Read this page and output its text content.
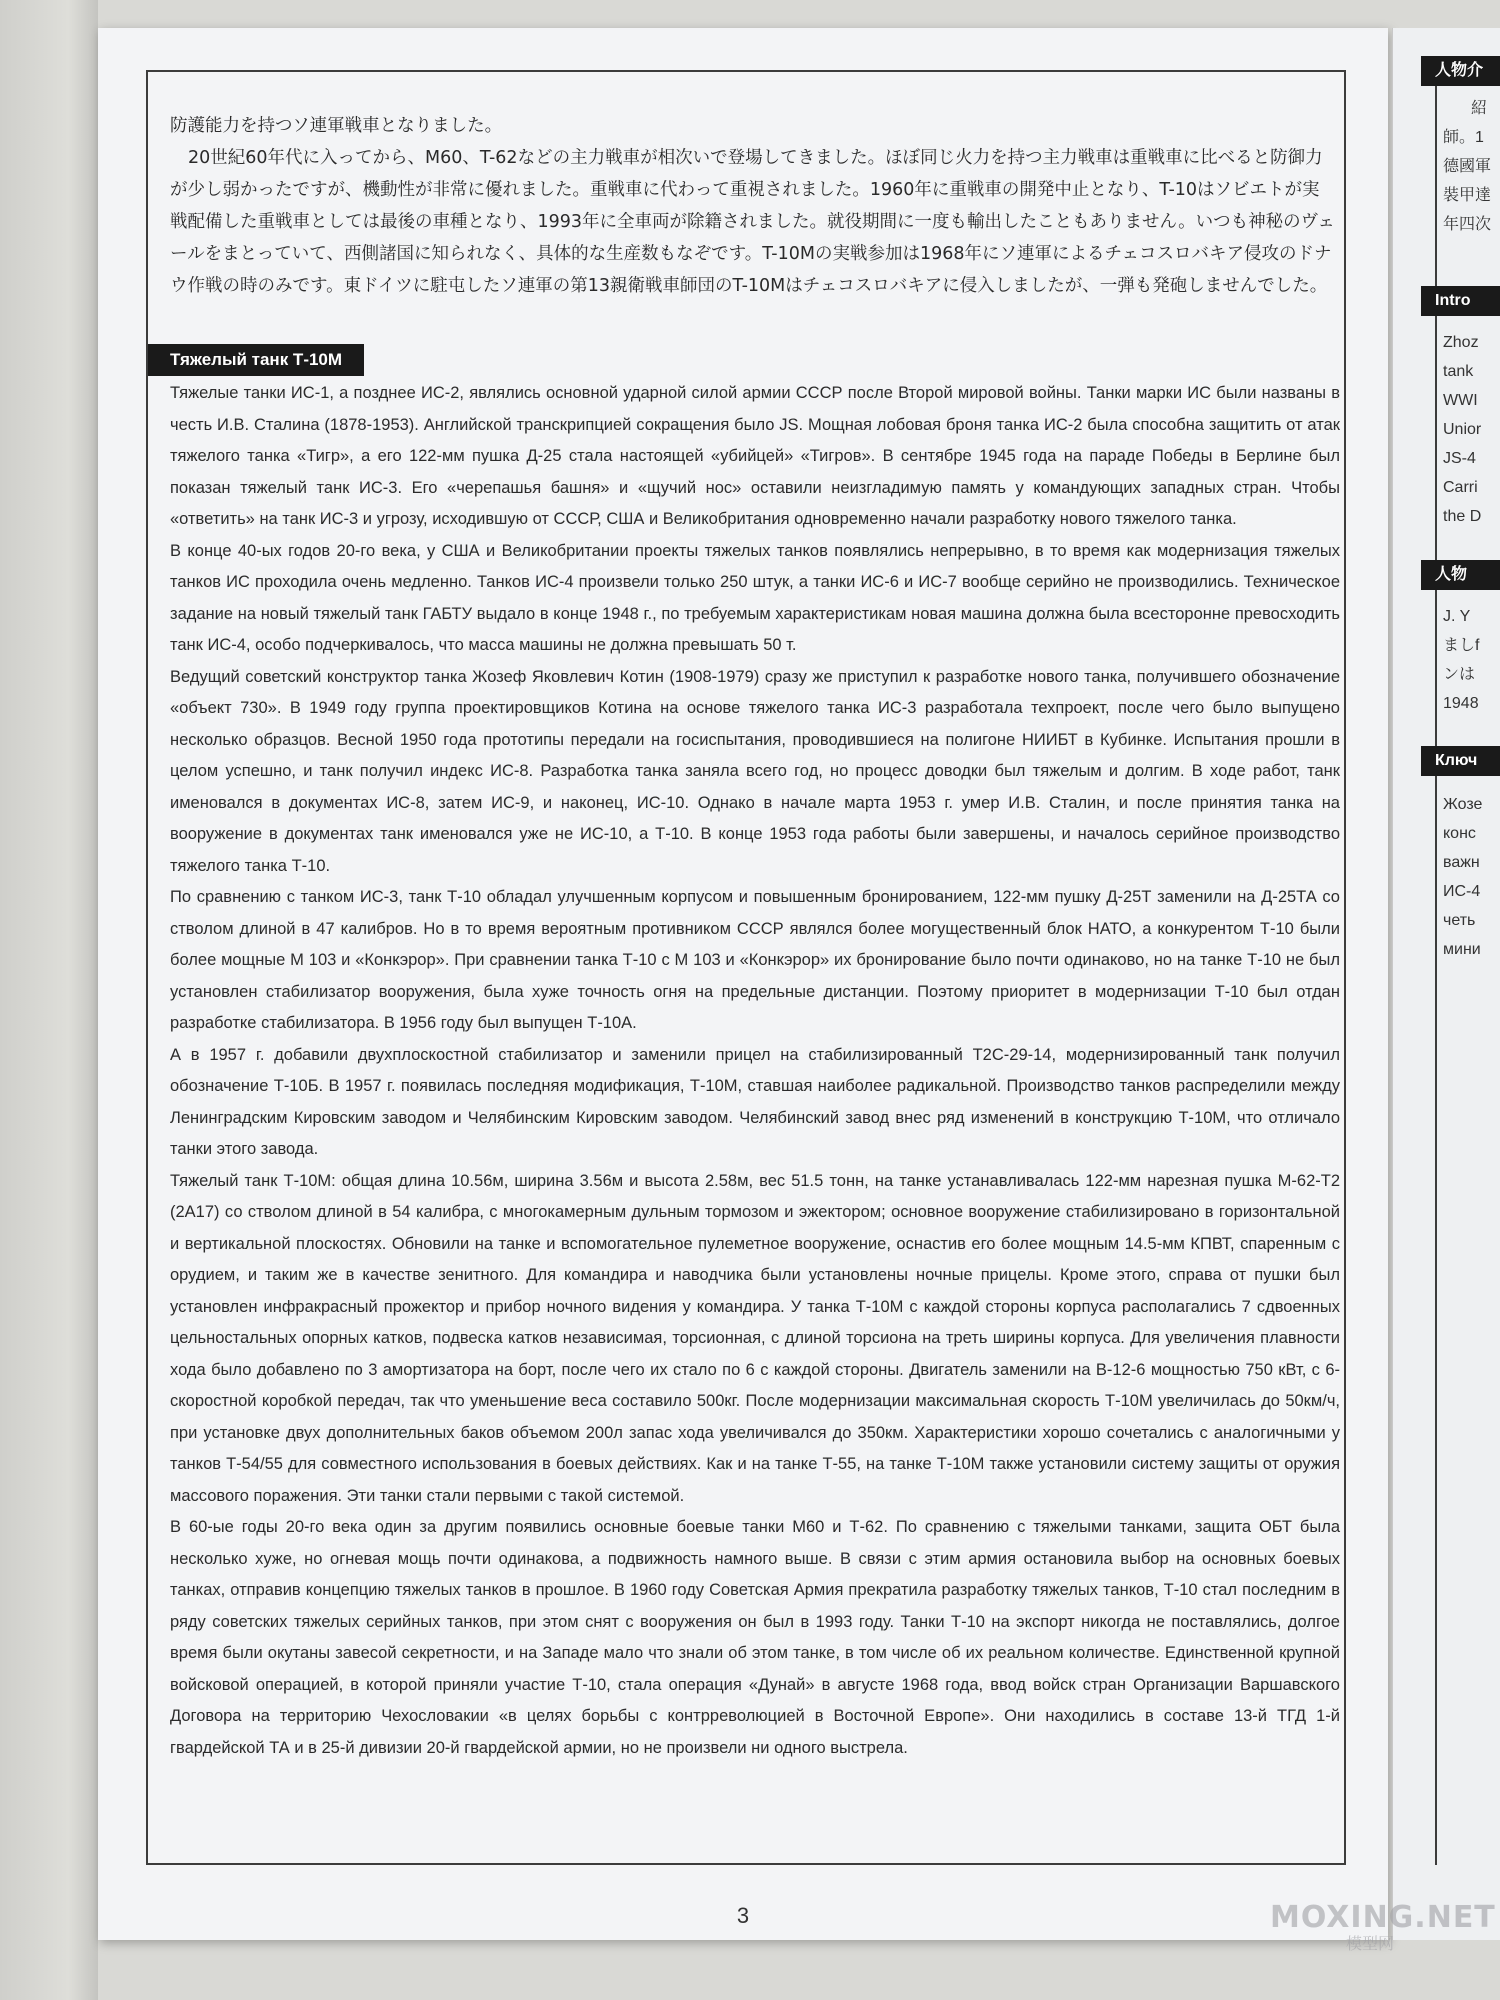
防護能力を持つソ連軍戦車となりました。

20世紀60年代に入ってから、M60、T-62などの主力戦車が相次いで登場してきました。ほぼ同じ火力を持つ主力戦車は重戦車に比べると防御力が少し弱かったですが、機動性が非常に優れました。重戦車に代わって重視されました。1960年に重戦車の開発中止となり、T-10はソビエトが実戦配備した重戦車としては最後の車種となり、1993年に全車両が除籍されました。就役期間に一度も輸出したこともありません。いつも神秘のヴェールをまとっていて、西側諸国に知られなく、具体的な生産数もなぞです。T-10Mの実戦参加は1968年にソ連軍によるチェコスロバキア侵攻のドナウ作戦の時のみです。東ドイツに駐屯したソ連軍の第13親衛戦車師団のT-10Mはチェコスロバキアに侵入しましたが、一弾も発砲しませんでした。

Тяжелый танк Т-10М

Тяжелые танки ИС-1, а позднее ИС-2, являлись основной ударной силой армии СССР после Второй мировой войны. Танки марки ИС были названы в честь И.В. Сталина (1878-1953). Английской транскрипцией сокращения было JS. Мощная лобовая броня танка ИС-2 была способна защитить от атак тяжелого танка «Тигр», а его 122-мм пушка Д-25 стала настоящей «убийцей» «Тигров». В сентябре 1945 года на параде Победы в Берлине был показан тяжелый танк ИС-3. Его «черепашья башня» и «щучий нос» оставили неизгладимую память у командующих западных стран. Чтобы «ответить» на танк ИС-3 и угрозу, исходившую от СССР, США и Великобритания одновременно начали разработку нового тяжелого танка.

В конце 40-ых годов 20-го века, у США и Великобритании проекты тяжелых танков появлялись непрерывно, в то время как модернизация тяжелых танков ИС проходила очень медленно. Танков ИС-4 произвели только 250 штук, а танки ИС-6 и ИС-7 вообще серийно не производились. Техническое задание на новый тяжелый танк ГАБТУ выдало в конце 1948 г., по требуемым характеристикам новая машина должна была всесторонне превосходить танк ИС-4, особо подчеркивалось, что масса машины не должна превышать 50 т.

Ведущий советский конструктор танка Жозеф Яковлевич Котин (1908-1979) сразу же приступил к разработке нового танка, получившего обозначение «объект 730». В 1949 году группа проектировщиков Котина на основе тяжелого танка ИС-3 разработала техпроект, после чего было выпущено несколько образцов. Весной 1950 года прототипы передали на госиспытания, проводившиеся на полигоне НИИБТ в Кубинке. Испытания прошли в целом успешно, и танк получил индекс ИС-8. Разработка танка заняла всего год, но процесс доводки был тяжелым и долгим. В ходе работ, танк именовался в документах ИС-8, затем ИС-9, и наконец, ИС-10. Однако в начале марта 1953 г. умер И.В. Сталин, и после принятия танка на вооружение в документах танк именовался уже не ИС-10, а Т-10. В конце 1953 года работы были завершены, и началось серийное производство тяжелого танка Т-10.

По сравнению с танком ИС-3, танк Т-10 обладал улучшенным корпусом и повышенным бронированием, 122-мм пушку Д-25Т заменили на Д-25ТА со стволом длиной в 47 калибров. Но в то время вероятным противником СССР являлся более могущественный блок НАТО, а конкурентом Т-10 были более мощные М 103 и «Конкэрор». При сравнении танка Т-10 с М 103 и «Конкэрор» их бронирование было почти одинаково, но на танке Т-10 не был установлен стабилизатор вооружения, была хуже точность огня на предельные дистанции. Поэтому приоритет в модернизации Т-10 был отдан разработке стабилизатора. В 1956 году был выпущен Т-10А.

А в 1957 г. добавили двухплоскостной стабилизатор и заменили прицел на стабилизированный Т2С-29-14, модернизированный танк получил обозначение Т-10Б. В 1957 г. появилась последняя модификация, Т-10М, ставшая наиболее радикальной. Производство танков распределили между Ленинградским Кировским заводом и Челябинским Кировским заводом. Челябинский завод внес ряд изменений в конструкцию Т-10М, что отличало танки этого завода.

Тяжелый танк Т-10М: общая длина 10.56м, ширина 3.56м и высота 2.58м, вес 51.5 тонн, на танке устанавливалась 122-мм нарезная пушка М-62-Т2 (2А17) со стволом длиной в 54 калибра, с многокамерным дульным тормозом и эжектором; основное вооружение стабилизировано в горизонтальной и вертикальной плоскостях. Обновили на танке и вспомогательное пулеметное вооружение, оснастив его более мощным 14.5-мм КПВТ, спаренным с орудием, и таким же в качестве зенитного. Для командира и наводчика были установлены ночные прицелы. Кроме этого, справа от пушки был установлен инфракрасный прожектор и прибор ночного видения у командира. У танка Т-10М с каждой стороны корпуса располагались 7 сдвоенных цельностальных опорных катков, подвеска катков независимая, торсионная, с длиной торсиона на треть ширины корпуса. Для увеличения плавности хода было добавлено по 3 амортизатора на борт, после чего их стало по 6 с каждой стороны. Двигатель заменили на В-12-6 мощностью 750 кВт, с 6-скоростной коробкой передач, так что уменьшение веса составило 500кг. После модернизации максимальная скорость Т-10М увеличилась до 50км/ч, при установке двух дополнительных баков объемом 200л запас хода увеличивался до 350км. Характеристики хорошо сочетались с аналогичными у танков Т-54/55 для совместного использования в боевых действиях. Как и на танке Т-55, на танке Т-10М также установили систему защиты от оружия массового поражения. Эти танки стали первыми с такой системой.

В 60-ые годы 20-го века один за другим появились основные боевые танки М60 и Т-62. По сравнению с тяжелыми танками, защита ОБТ была несколько хуже, но огневая мощь почти одинакова, а подвижность намного выше. В связи с этим армия остановила выбор на основных боевых танках, отправив концепцию тяжелых танков в прошлое. В 1960 году Советская Армия прекратила разработку тяжелых танков, Т-10 стал последним в ряду советских тяжелых серийных танков, при этом снят с вооружения он был в 1993 году. Танки Т-10 на экспорт никогда не поставлялись, долгое время были окутаны завесой секретности, и на Западе мало что знали об этом танке, в том числе об их реальном количестве. Единственной крупной войсковой операцией, в которой приняли участие Т-10, стала операция «Дунай» в августе 1968 года, ввод войск стран Организации Варшавского Договора на территорию Чехословакии «в целях борьбы с контрреволюцией в Восточной Европе». Они находились в составе 13-й ТГД 1-й гвардейской ТА и в 25-й дивизии 20-й гвардейской армии, но не произвели ни одного выстрела.

3
人物介
紹
師。1
德國軍
裝甲達
年四次
Intro
Zhoz
tank
WWI
Unior
JS-4
Carri
the D
人物
J. Y
ましf
ンは
1948
Ключ
Жозе
конс
важн
ИС-4
четь
мини
MOXING.NET
模型网
